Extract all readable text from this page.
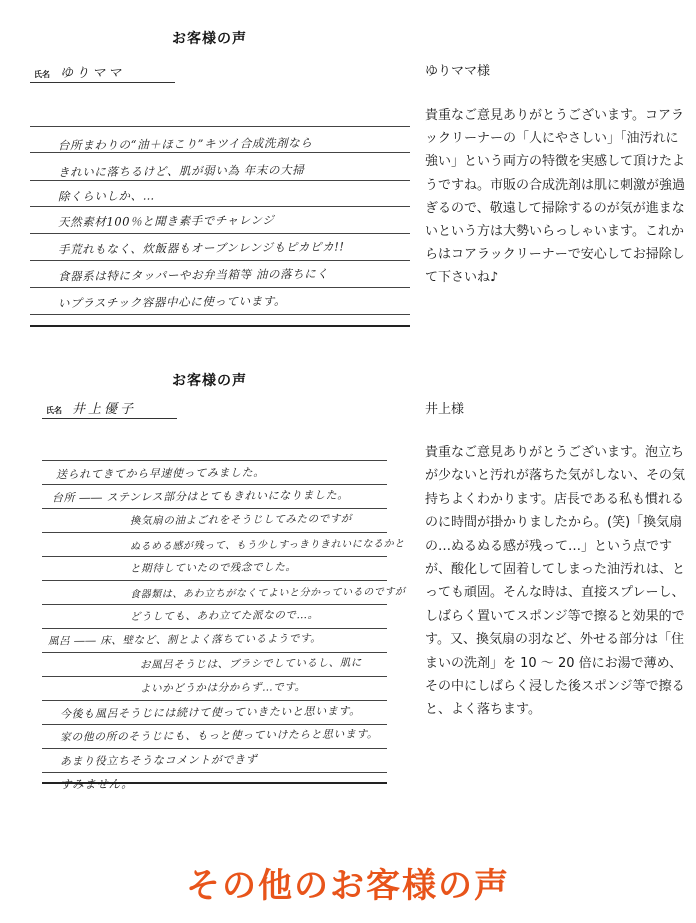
お客様の声
氏名 ゆりママ
台所まわりの“油＋ほこり”キツイ合成洗剤なら
きれいに落ちるけど、肌が弱い為 年末の大掃
除くらいしか、…
天然素材100％と聞き素手でチャレンジ
手荒れもなく、炊飯器もオーブンレンジもピカピカ!!
食器系は特にタッパーやお弁当箱等 油の落ちにく
いプラスチック容器中心に使っています。
ゆりママ様
貴重なご意見ありがとうございます。コアラックリーナーの「人にやさしい」「油汚れに強い」という両方の特徴を実感して頂けたようですね。市販の合成洗剤は肌に刺激が強過ぎるので、敬遠して掃除するのが気が進まないという方は大勢いらっしゃいます。これからはコアラックリーナーで安心してお掃除して下さいね♪
お客様の声
氏名 井上優子
送られてきてから早速使ってみました。
台所 ―― ステンレス部分はとてもきれいになりました。
換気扇の油よごれをそうじしてみたのですが
ぬるめる感が残って、もう少しすっきりきれいになるかと
と期待していたので残念でした。
食器類は、あわ立ちがなくてよいと分かっているのですが
どうしても、あわ立てた派なので…。
風呂 ―― 床、壁など、割とよく落ちているようです。
お風呂そうじは、ブラシでしているし、肌に
よいかどうかは分からず…です。
今後も風呂そうじには続けて使っていきたいと思います。
家の他の所のそうじにも、もっと使っていけたらと思います。
あまり役立ちそうなコメントができず
すみません。
井上様
貴重なご意見ありがとうございます。泡立ちが少ないと汚れが落ちた気がしない、その気持ちよくわかります。店長である私も慣れるのに時間が掛かりましたから。(笑)「換気扇の…ぬるぬる感が残って…」という点ですが、酸化して固着してしまった油汚れは、とっても頑固。そんな時は、直接スプレーし、しばらく置いてスポンジ等で擦ると効果的です。又、換気扇の羽など、外せる部分は「住まいの洗剤」を 10 ～ 20 倍にお湯で薄め、その中にしばらく浸した後スポンジ等で擦ると、よく落ちます。
その他のお客様の声
